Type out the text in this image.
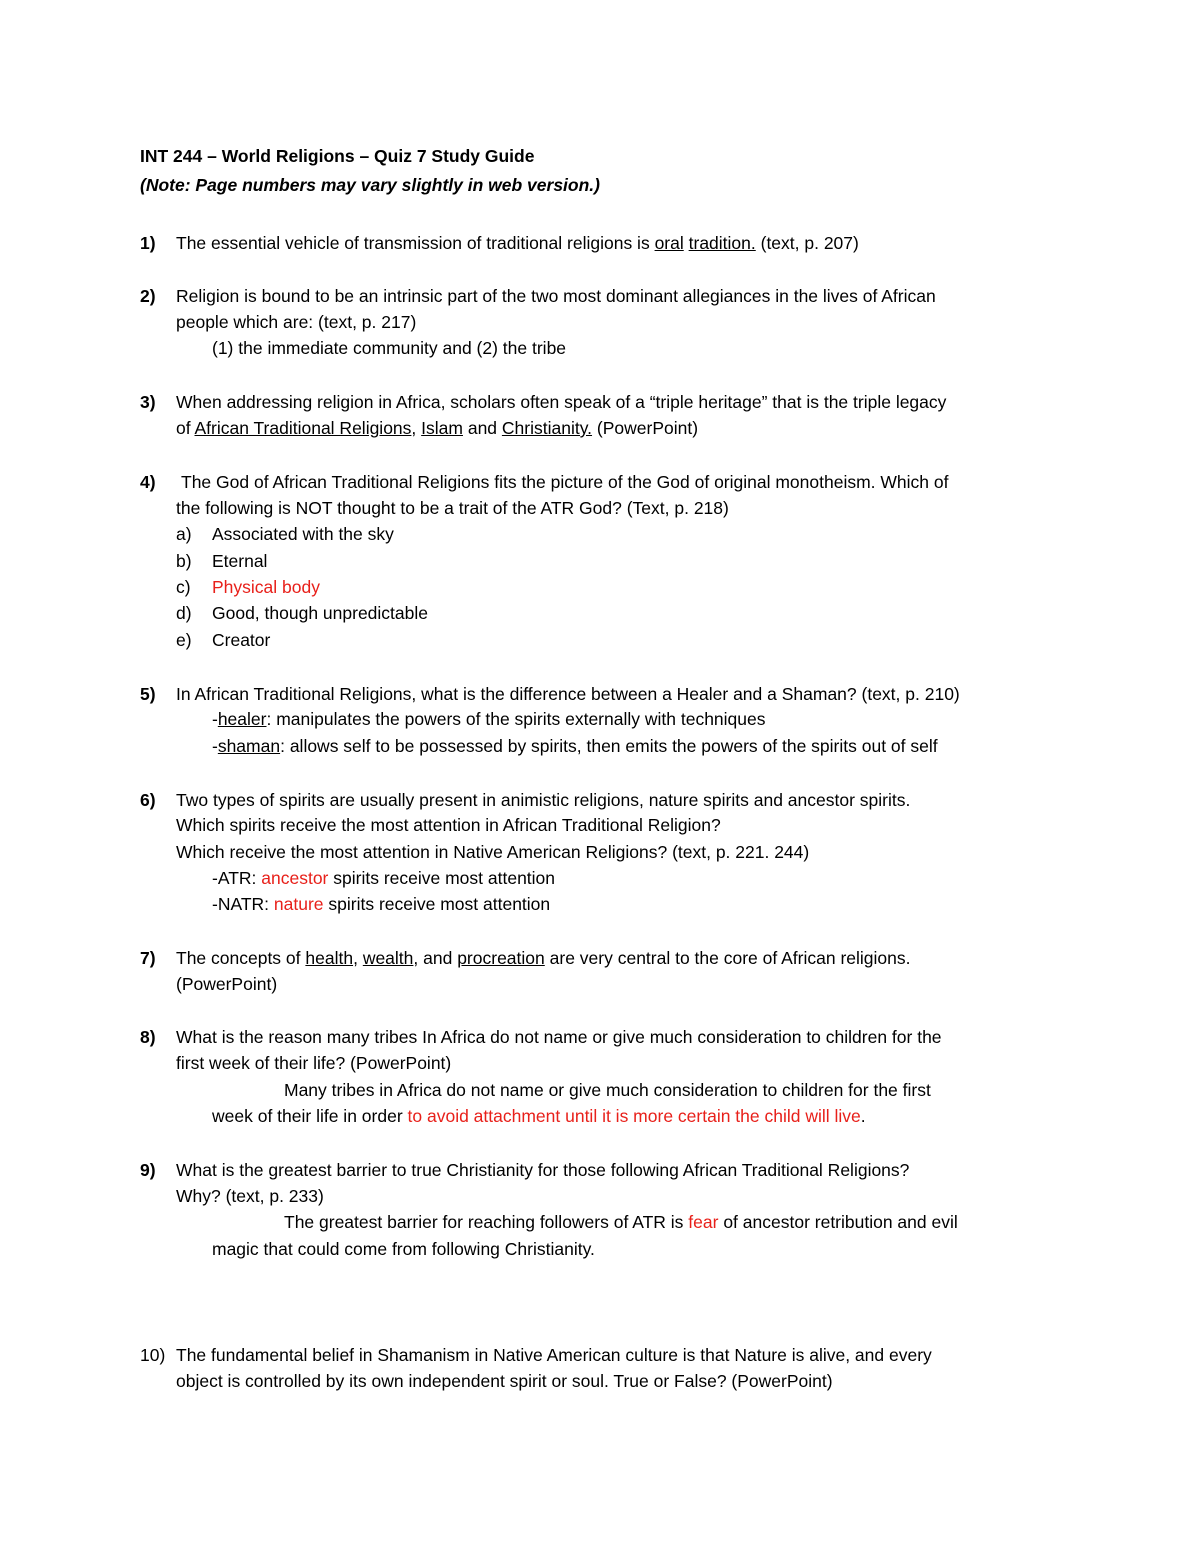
INT 244 – World Religions – Quiz 7 Study Guide
(Note: Page numbers may vary slightly in web version.)
1) The essential vehicle of transmission of traditional religions is oral tradition. (text, p. 207)
2) Religion is bound to be an intrinsic part of the two most dominant allegiances in the lives of African
people which are: (text, p. 217)
(1) the immediate community and (2) the tribe
3) When addressing religion in Africa, scholars often speak of a “triple heritage” that is the triple legacy
of African Traditional Religions, Islam and Christianity. (PowerPoint)
4) The God of African Traditional Religions fits the picture of the God of original monotheism. Which of
the following is NOT thought to be a trait of the ATR God? (Text, p. 218)
a) Associated with the sky
b) Eternal
c) Physical body
d) Good, though unpredictable
e) Creator
5) In African Traditional Religions, what is the difference between a Healer and a Shaman? (text, p. 210)
-healer: manipulates the powers of the spirits externally with techniques
-shaman: allows self to be possessed by spirits, then emits the powers of the spirits out of self
6) Two types of spirits are usually present in animistic religions, nature spirits and ancestor spirits.
Which spirits receive the most attention in African Traditional Religion?
Which receive the most attention in Native American Religions? (text, p. 221. 244)
-ATR: ancestor spirits receive most attention
-NATR: nature spirits receive most attention
7) The concepts of health, wealth, and procreation are very central to the core of African religions.
(PowerPoint)
8) What is the reason many tribes In Africa do not name or give much consideration to children for the
first week of their life? (PowerPoint)
Many tribes in Africa do not name or give much consideration to children for the first
week of their life in order to avoid attachment until it is more certain the child will live.
9) What is the greatest barrier to true Christianity for those following African Traditional Religions?
Why? (text, p. 233)
The greatest barrier for reaching followers of ATR is fear of ancestor retribution and evil
magic that could come from following Christianity.
10) The fundamental belief in Shamanism in Native American culture is that Nature is alive, and every
object is controlled by its own independent spirit or soul. True or False? (PowerPoint)
